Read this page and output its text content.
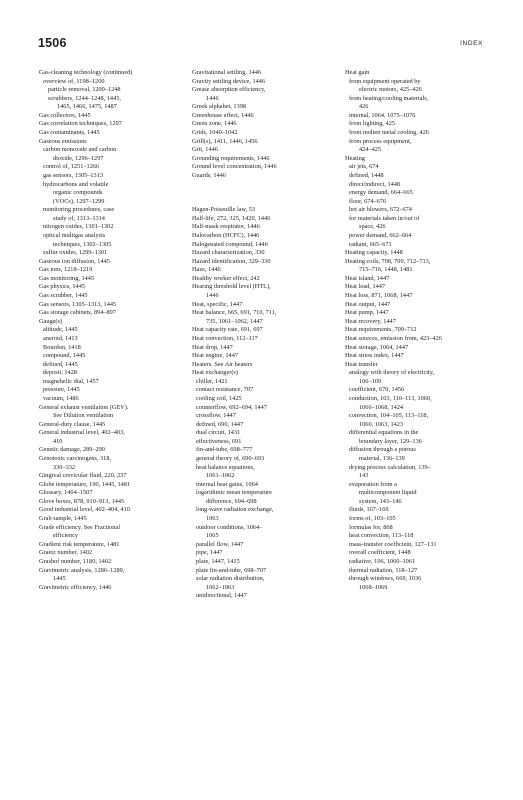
1506	INDEX
Gas-cleaning technology (continued)
overview of, 1198–1200
particle removal, 1200–1248
scrubbers, 1244–1248, 1445,
1465, 1466, 1475, 1487
Gas collectors, 1445
Gas correlation techniques, 1297
Gas contaminants, 1445
Gaseous emissions
carbon monoxide and carbon
dioxide, 1296–1297
control of, 1251–1266
gas sensors, 1305–1313
hydrocarbons and volatile
organic compounds
(VOCs), 1297–1299
monitoring procedures, case
study of, 1313–1314
nitrogen oxides, 1301–1302
optical multigas analysis
techniques, 1302–1305
sulfur oxides, 1299–1301
Gaseous ion diffusion, 1445
Gas ions, 1218–1219
Gas monitoring, 1445
Gas physics, 1445
Gas scrubber, 1445
Gas sensors, 1305–1313, 1445
Gas storage cabinets, 894–897
Gauge(s)
altitude, 1445
aneroid, 1413
Bourdon, 1418
compound, 1445
defined, 1445
deposit, 1428
magnehelic dial, 1457
pressure, 1445
vacuum, 1486
General exhaust ventilation (GEV).
See Dilution ventilation
General-duty clause, 1445
General industrial level, 402–403,
410
Genetic damage, 289–290
Genotoxic carcinogens, 318,
330–332
Gingival crevicular fluid, 220, 237
Globe temperature, 190, 1445, 1481
Glossary, 1404–1507
Glove boxes, 878, 910–913, 1445
Good industrial level, 402–404, 410
Grab sample, 1445
Grade efficiency. See Fractional
efficiency
Gradient risk temperature, 1481
Graetz number, 1402
Grashof number, 1180, 1402
Gravimetric analysis, 1286–1289,
1445
Gravimetric efficiency, 1446
Gravitational settling, 1446
Gravity settling device, 1446
Grease absorption efficiency,
1446
Greek alphabet, 1398
Greenhouse effect, 1446
Green zone, 1446
Grids, 1040–1042
Grill(s), 1411, 1446, 1456
Grit, 1446
Grounding requirements, 1446
Ground level concentration, 1446
Guards, 1446
Hagen-Poiseuille law, 53
Half-life, 272, 325, 1420, 1446
Half-mask respirator, 1446
Halocarbon (HCFC), 1446
Halogenated compound, 1446
Hazard characterization, 330
Hazard identification, 329–330
Haze, 1446
Healthy worker effect, 242
Hearing threshold level (HTL),
1446
Heat, specific, 1447
Heat balance, 665, 691, 710, 711,
735, 1061–1062, 1447
Heat capacity rate, 691, 697
Heat convection, 112–117
Heat drop, 1447
Heat engine, 1447
Heaters. See Air heaters
Heat exchanger(s)
chiller, 1421
contact resistance, 707
cooling coil, 1425
counterflow, 692–694, 1447
crossflow, 1447
defined, 690, 1447
dual circuit, 1431
effectiveness, 691
fin-and-tube, 698–777
general theory of, 690–693
heat balance equations,
1061–1062
internal heat gains, 1064
logarithmic mean temperature
difference, 694–698
long-wave radiation exchange,
1063
outdoor conditions, 1064–
1065
parallel flow, 1447
pipe, 1447
plate, 1447, 1415
plate fin-and-tube, 698–707
solar radiation distribution,
1062–1063
unidirectional, 1447
Heat gain
from equipment operated by
electric motors, 425–426
from heating/cooling materials,
426
internal, 1064, 1075–1076
from lighting, 425
from molten metal cooling, 426
from process equipment,
424–425
Heating
air jets, 674
defined, 1448
direct/indirect, 1448
energy demand, 664–665
floor, 674–676
hot air blowers, 672–674
for materials taken in/out of
space, 426
power demand, 662–664
radiant, 665–671
Heating capacity, 1448
Heating coils, 708, 709, 712–713,
715–716, 1448, 1481
Heat island, 1447
Heat load, 1447
Heat loss, 871, 1068, 1447
Heat output, 1447
Heat pump, 1447
Heat recovery, 1447
Heat requirements, 709–712
Heat sources, emission from, 423–426
Heat storage, 1064, 1447
Heat stress index, 1447
Heat transfer
analogy with theory of electricity,
106–109
coefficient, 670, 1456
conduction, 103, 110–113, 1060,
1066–1068, 1424
convection, 104–105, 113–118,
1060, 1063, 1423
differential equations in the
boundary layer, 129–136
diffusion through a porous
material, 136–139
drying process calculation, 139–
143
evaporation from a
multicomponent liquid
system, 143–146
fluids, 167–169
forms of, 103–105
formulas for, 868
heat convection, 113–118
mass-transfer coefficient, 127–131
overall coefficient, 1448
radiative, 106, 1060–1061
thermal radiation, 118–127
through windows, 669, 1036
1068–1069
